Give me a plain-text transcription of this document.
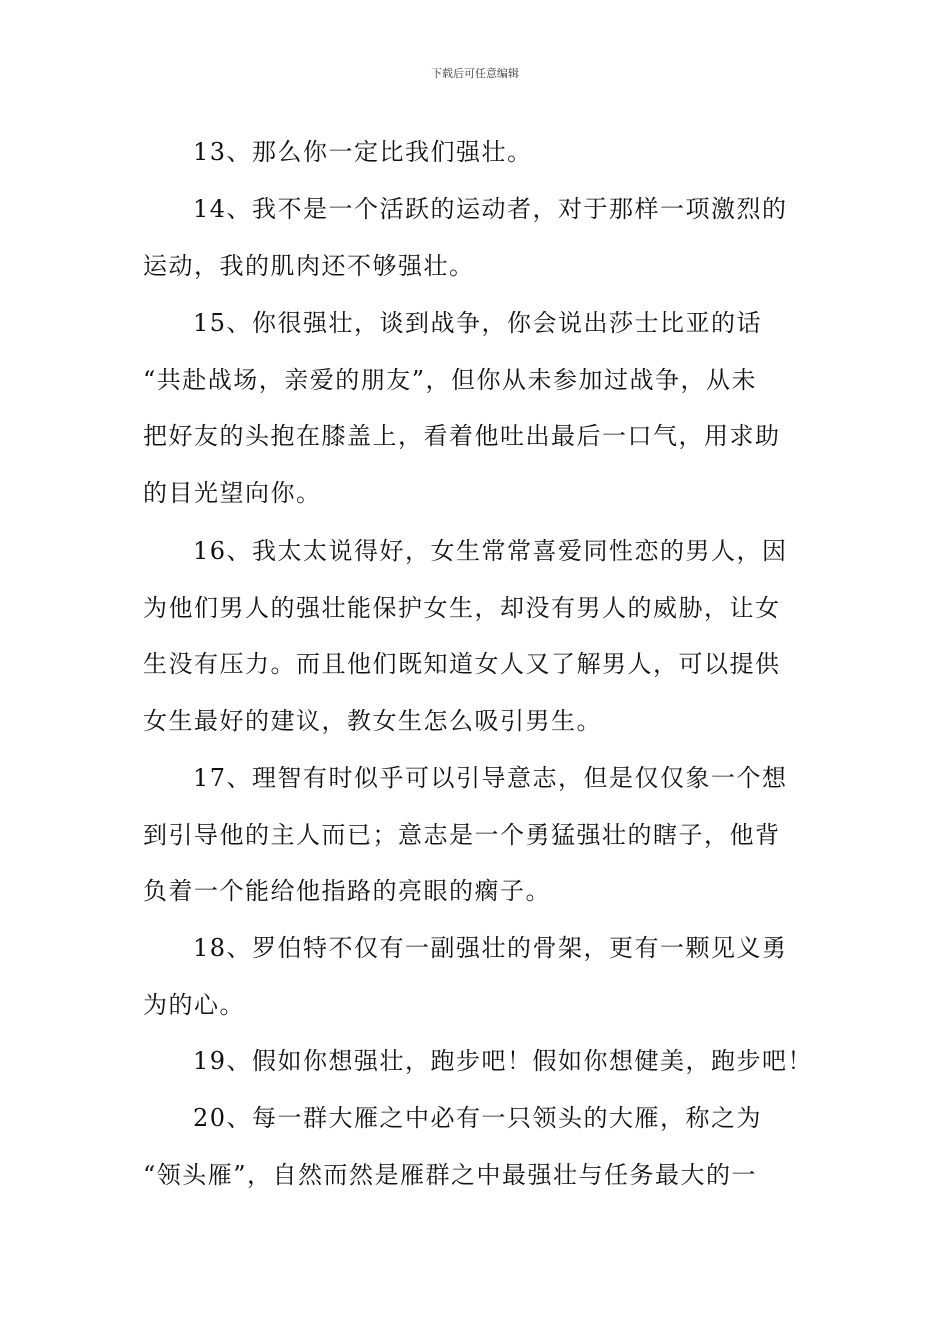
下载后可任意编辑
13、那么你一定比我们强壮。
14、我不是一个活跃的运动者，对于那样一项激烈的
运动，我的肌肉还不够强壮。
15、你很强壮，谈到战争，你会说出莎士比亚的话
“共赴战场，亲爱的朋友”，但你从未参加过战争，从未
把好友的头抱在膝盖上，看着他吐出最后一口气，用求助
的目光望向你。
16、我太太说得好，女生常常喜爱同性恋的男人，因
为他们男人的强壮能保护女生，却没有男人的威胁，让女
生没有压力。而且他们既知道女人又了解男人，可以提供
女生最好的建议，教女生怎么吸引男生。
17、理智有时似乎可以引导意志，但是仅仅象一个想
到引导他的主人而已；意志是一个勇猛强壮的瞎子，他背
负着一个能给他指路的亮眼的瘸子。
18、罗伯特不仅有一副强壮的骨架，更有一颗见义勇
为的心。
19、假如你想强壮，跑步吧！假如你想健美，跑步吧！
20、每一群大雁之中必有一只领头的大雁，称之为
“领头雁”，自然而然是雁群之中最强壮与任务最大的一
